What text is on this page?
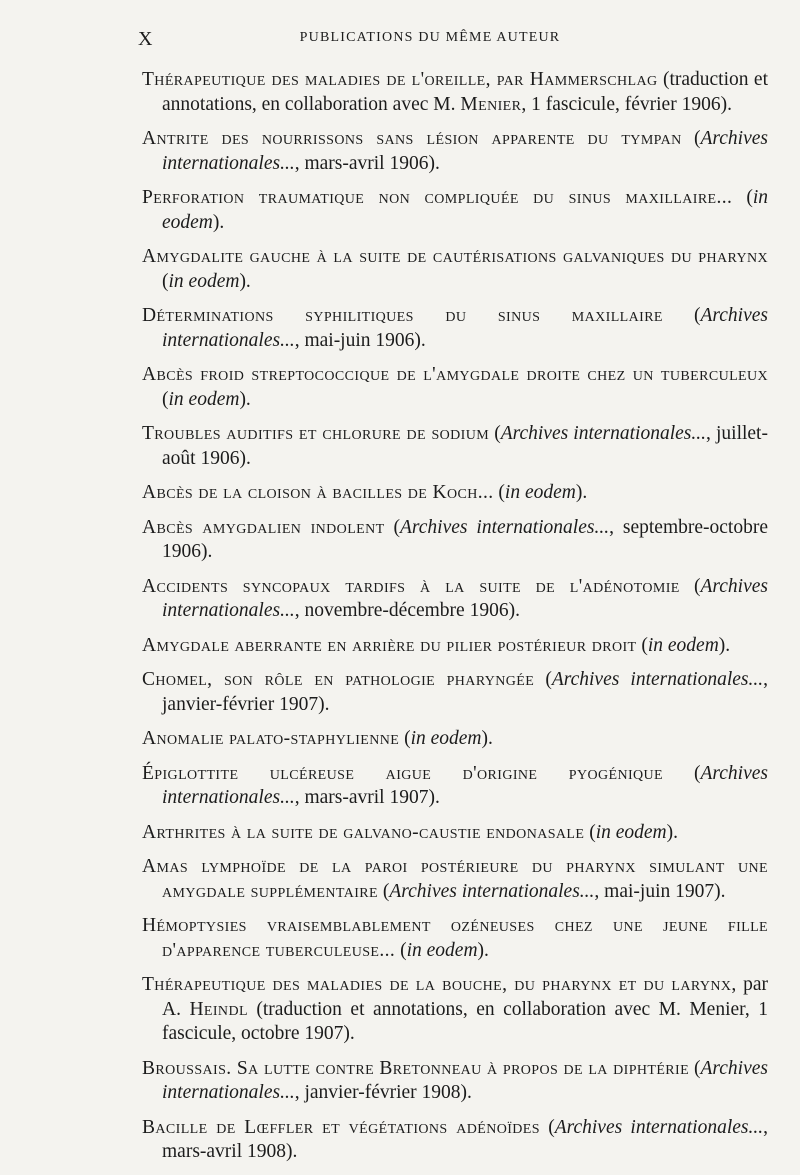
X	PUBLICATIONS DU MÊME AUTEUR

Thérapeutique des maladies de l'oreille, par Hammerschlag (traduction et annotations, en collaboration avec M. Menier, 1 fascicule, février 1906).

Antrite des nourrissons sans lésion apparente du tympan (Archives internationales..., mars-avril 1906).

Perforation traumatique non compliquée du sinus maxillaire... (in eodem).

Amygdalite gauche à la suite de cautérisations galvaniques du pharynx (in eodem).

Déterminations syphilitiques du sinus maxillaire (Archives internationales..., mai-juin 1906).

Abcès froid streptococcique de l'amygdale droite chez un tuberculeux (in eodem).

Troubles auditifs et chlorure de sodium (Archives internationales..., juillet-août 1906).

Abcès de la cloison à bacilles de Koch... (in eodem).

Abcès amygdalien indolent (Archives internationales..., septembre-octobre 1906).

Accidents syncopaux tardifs à la suite de l'adénotomie (Archives internationales..., novembre-décembre 1906).

Amygdale aberrante en arrière du pilier postérieur droit (in eodem).

Chomel, son rôle en pathologie pharyngée (Archives internationales..., janvier-février 1907).

Anomalie palato-staphylienne (in eodem).

Épiglottite ulcéreuse aigue d'origine pyogénique (Archives internationales..., mars-avril 1907).

Arthrites à la suite de galvano-caustie endonasale (in eodem).

Amas lymphoïde de la paroi postérieure du pharynx simulant une amygdale supplémentaire (Archives internationales..., mai-juin 1907).

Hémoptysies vraisemblablement ozéneuses chez une jeune fille d'apparence tuberculeuse... (in eodem).

Thérapeutique des maladies de la bouche, du pharynx et du larynx, par A. Heindl (traduction et annotations, en collaboration avec M. Menier, 1 fascicule, octobre 1907).

Broussais. Sa lutte contre Bretonneau à propos de la diphtérie (Archives internationales..., janvier-février 1908).

Bacille de Lœffler et végétations adénoïdes (Archives internationales..., mars-avril 1908).
